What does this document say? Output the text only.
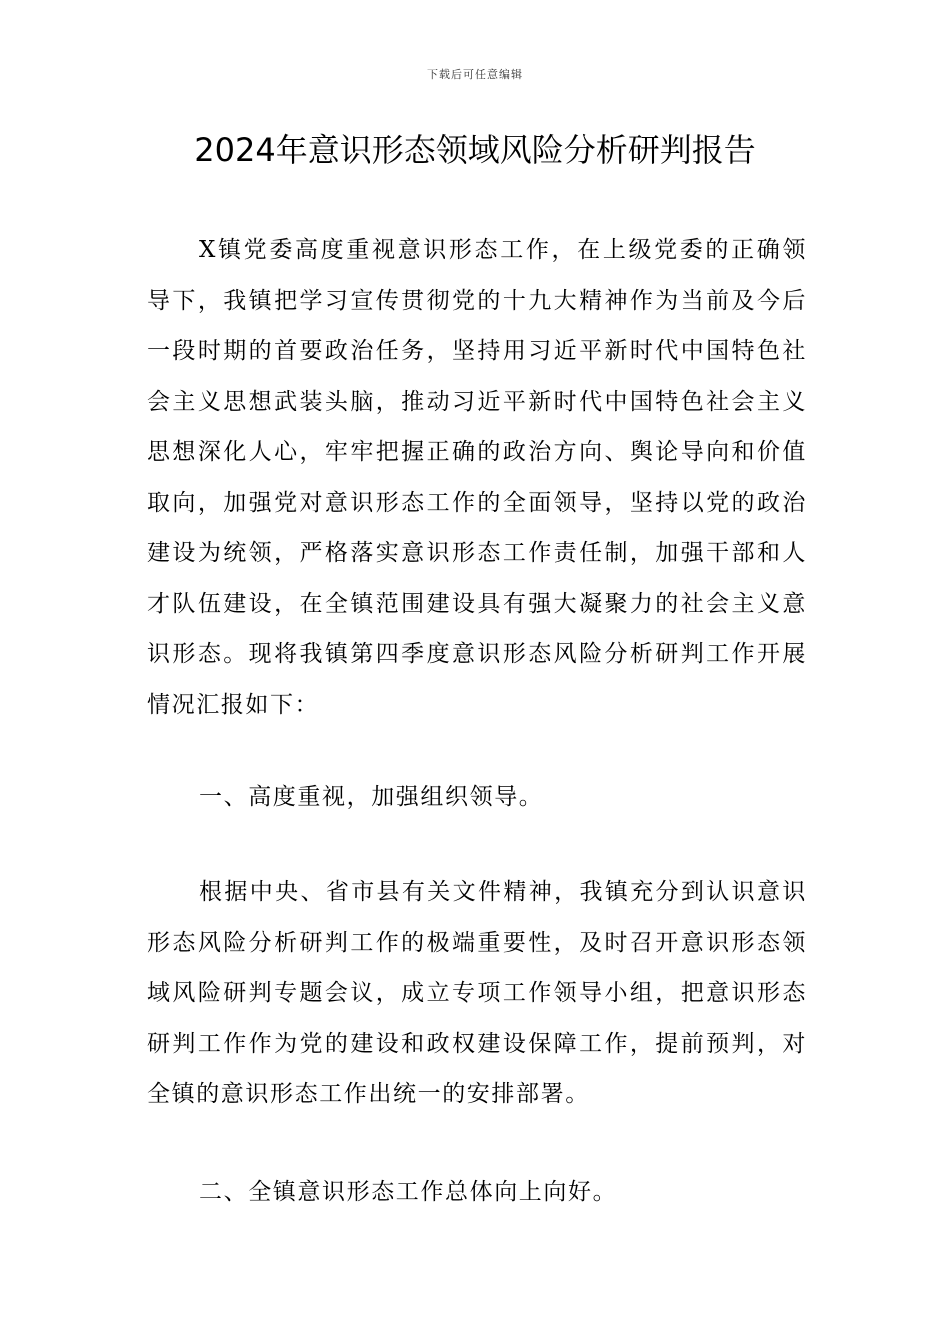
下载后可任意编辑
2024年意识形态领域风险分析研判报告

X镇党委高度重视意识形态工作，在上级党委的正确领导下，我镇把学习宣传贯彻党的十九大精神作为当前及今后一段时期的首要政治任务，坚持用习近平新时代中国特色社会主义思想武装头脑，推动习近平新时代中国特色社会主义思想深化人心，牢牢把握正确的政治方向、舆论导向和价值取向，加强党对意识形态工作的全面领导，坚持以党的政治建设为统领，严格落实意识形态工作责任制，加强干部和人才队伍建设，在全镇范围建设具有强大凝聚力的社会主义意识形态。现将我镇第四季度意识形态风险分析研判工作开展情况汇报如下：

一、高度重视，加强组织领导。

根据中央、省市县有关文件精神，我镇充分到认识意识形态风险分析研判工作的极端重要性，及时召开意识形态领域风险研判专题会议，成立专项工作领导小组，把意识形态研判工作作为党的建设和政权建设保障工作，提前预判，对全镇的意识形态工作出统一的安排部署。

二、全镇意识形态工作总体向上向好。
